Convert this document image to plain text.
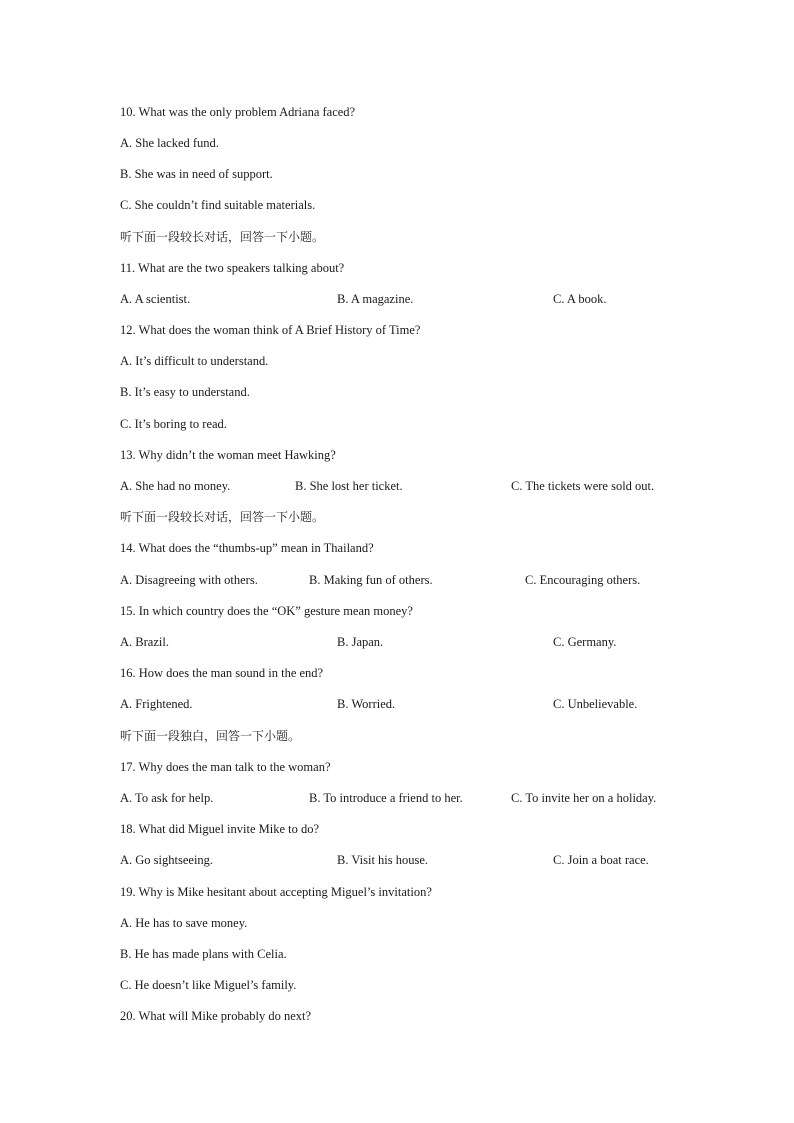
10. What was the only problem Adriana faced?
A. She lacked fund.
B. She was in need of support.
C. She couldn’t find suitable materials.
听下面一段较长对话，回答一下小题。
11. What are the two speakers talking about?
A. A scientist.	B. A magazine.	C. A book.
12. What does the woman think of A Brief History of Time?
A. It’s difficult to understand.
B. It’s easy to understand.
C. It’s boring to read.
13. Why didn’t the woman meet Hawking?
A. She had no money.	B. She lost her ticket.	C. The tickets were sold out.
听下面一段较长对话，回答一下小题。
14. What does the “thumbs-up” mean in Thailand?
A. Disagreeing with others.	B. Making fun of others.	C. Encouraging others.
15. In which country does the “OK” gesture mean money?
A. Brazil.	B. Japan.	C. Germany.
16. How does the man sound in the end?
A. Frightened.	B. Worried.	C. Unbelievable.
听下面一段独白，回答一下小题。
17. Why does the man talk to the woman?
A. To ask for help.	B. To introduce a friend to her.	C. To invite her on a holiday.
18. What did Miguel invite Mike to do?
A. Go sightseeing.	B. Visit his house.	C. Join a boat race.
19. Why is Mike hesitant about accepting Miguel’s invitation?
A. He has to save money.
B. He has made plans with Celia.
C. He doesn’t like Miguel’s family.
20. What will Mike probably do next?
